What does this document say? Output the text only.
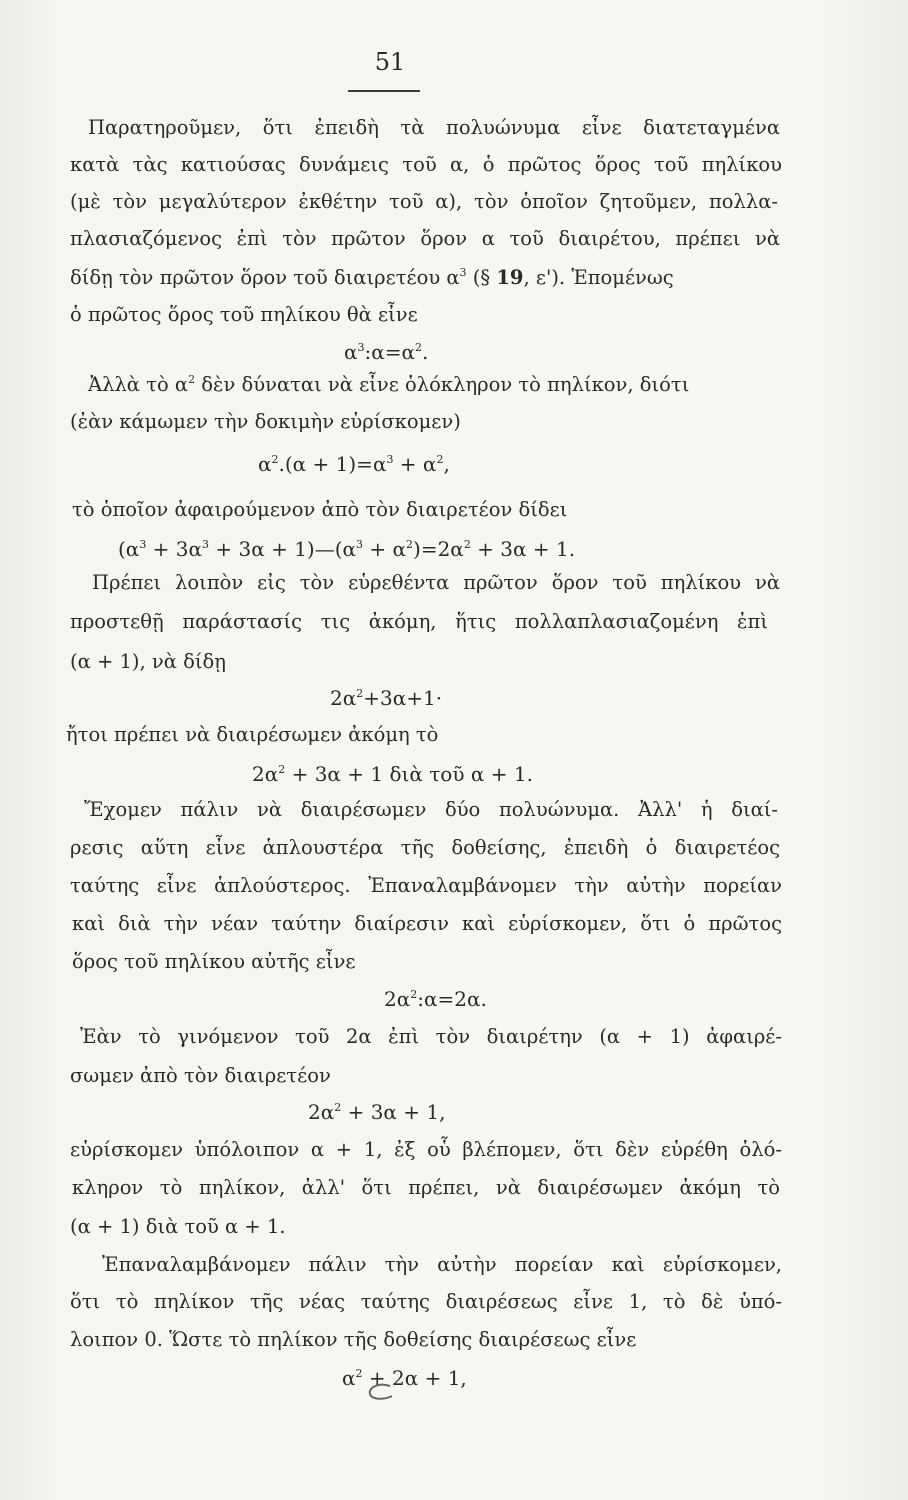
51
Παρατηροῦμεν, ὅτι ἐπειδὴ τὰ πολυώνυμα εἶνε διατεταγμένα
κατὰ τὰς κατιούσας δυνάμεις τοῦ α, ὁ πρῶτος ὅρος τοῦ πηλίκου
(μὲ τὸν μεγαλύτερον ἐκθέτην τοῦ α), τὸν ὁποῖον ζητοῦμεν, πολλα-
πλασιαζόμενος ἐπὶ τὸν πρῶτον ὅρον α τοῦ διαιρέτου, πρέπει νὰ
δίδῃ τὸν πρῶτον ὅρον τοῦ διαιρετέου $\alpha^3$ (§ 19, ε'). Ἑπομένως
ὁ πρῶτος ὅρος τοῦ πηλίκου θὰ εἶνε
$\alpha^3:\alpha=\alpha^2$.
Ἀλλὰ τὸ $\alpha^2$ δὲν δύναται νὰ εἶνε ὁλόκληρον τὸ πηλίκον, διότι
(ἐὰν κάμωμεν τὴν δοκιμὴν εὑρίσκομεν)
$\alpha^2.(\alpha + 1)=\alpha^3 + \alpha^2$,
τὸ ὁποῖον ἀφαιρούμενον ἀπὸ τὸν διαιρετέον δίδει
($\alpha^3 + 3\alpha^3 + 3\alpha$ + $1)—(\alpha^3 + \alpha^2)=2\alpha^2 + 3\alpha + 1$.
Πρέπει λοιπὸν εἰς τὸν εὑρεθέντα πρῶτον ὅρον τοῦ πηλίκου νὰ
προστεθῇ παράστασίς τις ἀκόμη, ἥτις πολλαπλασιαζομένη ἐπὶ
(α + 1), νὰ δίδῃ
$2\alpha^2+3\alpha+1\cdot$
ἤτοι πρέπει νὰ διαιρέσωμεν ἀκόμη τὸ
$2\alpha^2 + 3\alpha + 1$ διὰ τοῦ α + 1.
Ἔχομεν πάλιν νὰ διαιρέσωμεν δύο πολυώνυμα. Ἀλλ' ἡ διαί-
ρεσις αὕτη εἶνε ἁπλουστέρα τῆς δοθείσης, ἐπειδὴ ὁ διαιρετέος
ταύτης εἶνε ἁπλούστερος. Ἐπαναλαμβάνομεν τὴν αὐτὴν πορείαν
καὶ διὰ τὴν νέαν ταύτην διαίρεσιν καὶ εὑρίσκομεν, ὅτι ὁ πρῶτος
ὅρος τοῦ πηλίκου αὐτῆς εἶνε
$2\alpha^2:\alpha=2\alpha$.
Ἐὰν τὸ γινόμενον τοῦ 2α ἐπὶ τὸν διαιρέτην (α + 1) ἀφαιρέ-
σωμεν ἀπὸ τὸν διαιρετέον
$2\alpha^2 + 3\alpha + 1$,
εὑρίσκομεν ὑπόλοιπον α + 1, ἐξ οὗ βλέπομεν, ὅτι δὲν εὑρέθη ὁλό-
κληρον τὸ πηλίκον, ἀλλ' ὅτι πρέπει, νὰ διαιρέσωμεν ἀκόμη τὸ
(α + 1) διὰ τοῦ α + 1.
Ἐπαναλαμβάνομεν πάλιν τὴν αὐτὴν πορείαν καὶ εὑρίσκομεν,
ὅτι τὸ πηλίκον τῆς νέας ταύτης διαιρέσεως εἶνε 1, τὸ δὲ ὑπό-
λοιπον 0. Ὥστε τὸ πηλίκον τῆς δοθείσης διαιρέσεως εἶνε
$\alpha^2 + 2\alpha + 1$,
